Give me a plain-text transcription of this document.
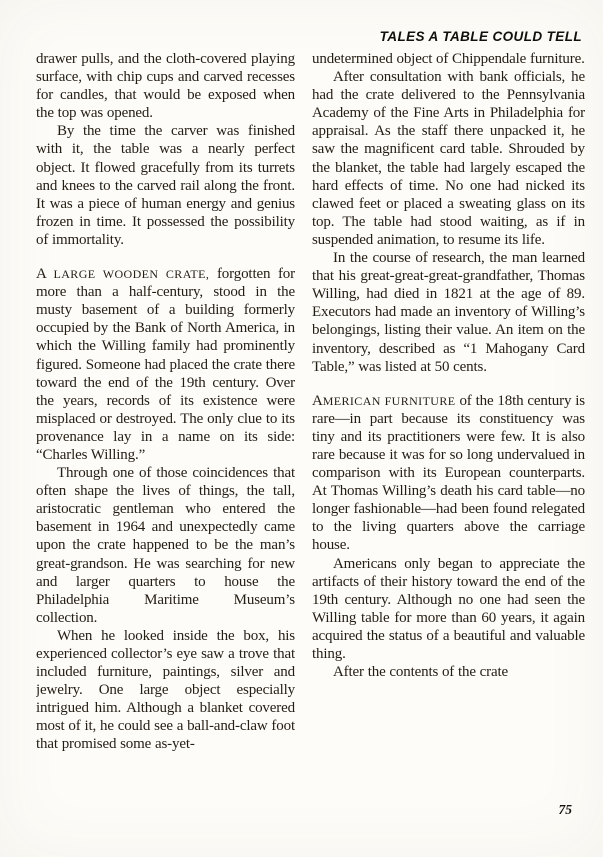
TALES A TABLE COULD TELL

drawer pulls, and the cloth-covered playing surface, with chip cups and carved recesses for candles, that would be exposed when the top was opened.

By the time the carver was finished with it, the table was a nearly perfect object. It flowed gracefully from its turrets and knees to the carved rail along the front. It was a piece of human energy and genius frozen in time. It possessed the possibility of immortality.

A LARGE WOODEN CRATE, forgotten for more than a half-century, stood in the musty basement of a building formerly occupied by the Bank of North America, in which the Willing family had prominently figured. Someone had placed the crate there toward the end of the 19th century. Over the years, records of its existence were misplaced or destroyed. The only clue to its provenance lay in a name on its side: “Charles Willing.”

Through one of those coincidences that often shape the lives of things, the tall, aristocratic gentleman who entered the basement in 1964 and unexpectedly came upon the crate happened to be the man’s great-grandson. He was searching for new and larger quarters to house the Philadelphia Maritime Museum’s collection.

When he looked inside the box, his experienced collector’s eye saw a trove that included furniture, paintings, silver and jewelry. One large object especially intrigued him. Although a blanket covered most of it, he could see a ball-and-claw foot that promised some as-yet-

undetermined object of Chippendale furniture.

After consultation with bank officials, he had the crate delivered to the Pennsylvania Academy of the Fine Arts in Philadelphia for appraisal. As the staff there unpacked it, he saw the magnificent card table. Shrouded by the blanket, the table had largely escaped the hard effects of time. No one had nicked its clawed feet or placed a sweating glass on its top. The table had stood waiting, as if in suspended animation, to resume its life.

In the course of research, the man learned that his great-great-great-grandfather, Thomas Willing, had died in 1821 at the age of 89. Executors had made an inventory of Willing’s belongings, listing their value. An item on the inventory, described as “1 Mahogany Card Table,” was listed at 50 cents.

AMERICAN FURNITURE of the 18th century is rare—in part because its constituency was tiny and its practitioners were few. It is also rare because it was for so long undervalued in comparison with its European counterparts. At Thomas Willing’s death his card table—no longer fashionable—had been found relegated to the living quarters above the carriage house.

Americans only began to appreciate the artifacts of their history toward the end of the 19th century. Although no one had seen the Willing table for more than 60 years, it again acquired the status of a beautiful and valuable thing.

After the contents of the crate

75
